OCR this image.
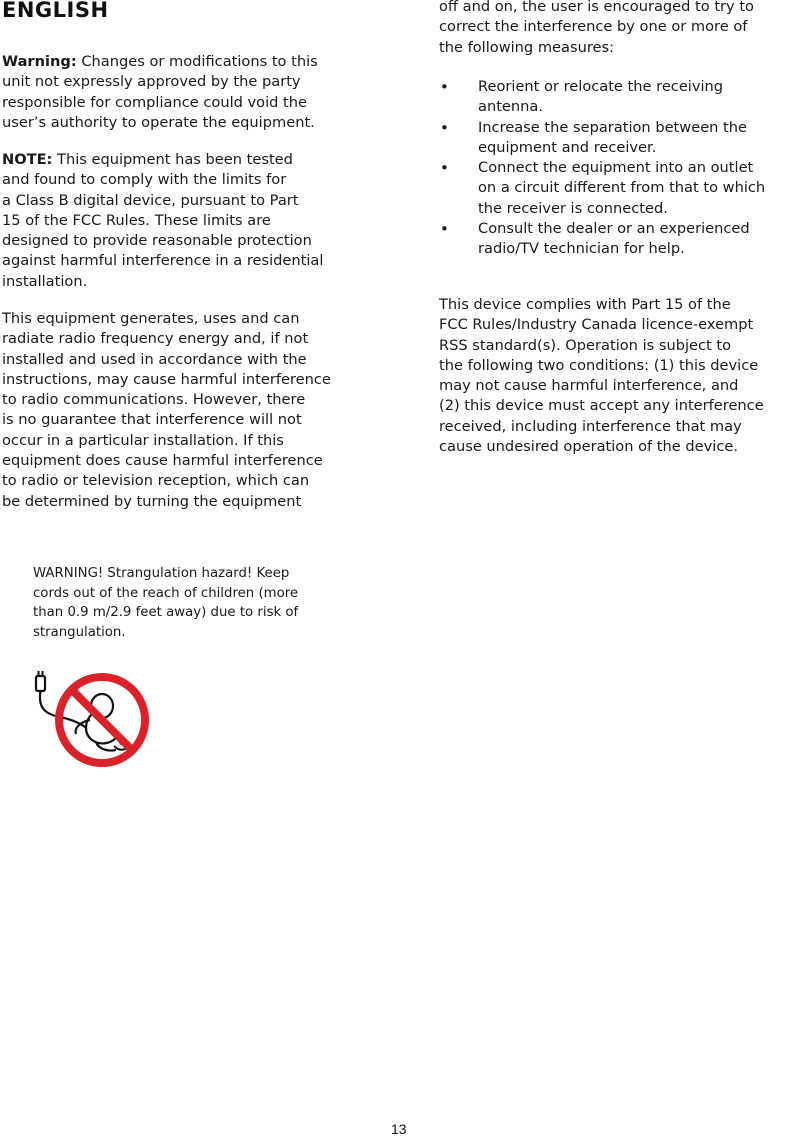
ENGLISH

Warning: Changes or modifications to this
unit not expressly approved by the party
responsible for compliance could void the
user’s authority to operate the equipment.

NOTE: This equipment has been tested
and found to comply with the limits for
a Class B digital device, pursuant to Part
15 of the FCC Rules. These limits are
designed to provide reasonable protection
against harmful interference in a residential
installation.

This equipment generates, uses and can
radiate radio frequency energy and, if not
installed and used in accordance with the
instructions, may cause harmful interference
to radio communications. However, there
is no guarantee that interference will not
occur in a particular installation. If this
equipment does cause harmful interference
to radio or television reception, which can
be determined by turning the equipment

WARNING! Strangulation hazard! Keep
cords out of the reach of children (more
than 0.9 m/2.9 feet away) due to risk of
strangulation.

off and on, the user is encouraged to try to
correct the interference by one or more of
the following measures:

•	Reorient or relocate the receiving
antenna.
•	Increase the separation between the
equipment and receiver.
•	Connect the equipment into an outlet
on a circuit different from that to which
the receiver is connected.
•	Consult the dealer or an experienced
radio/TV technician for help.

This device complies with Part 15 of the
FCC Rules/Industry Canada licence-exempt
RSS standard(s). Operation is subject to
the following two conditions: (1) this device
may not cause harmful interference, and
(2) this device must accept any interference
received, including interference that may
cause undesired operation of the device.

13
